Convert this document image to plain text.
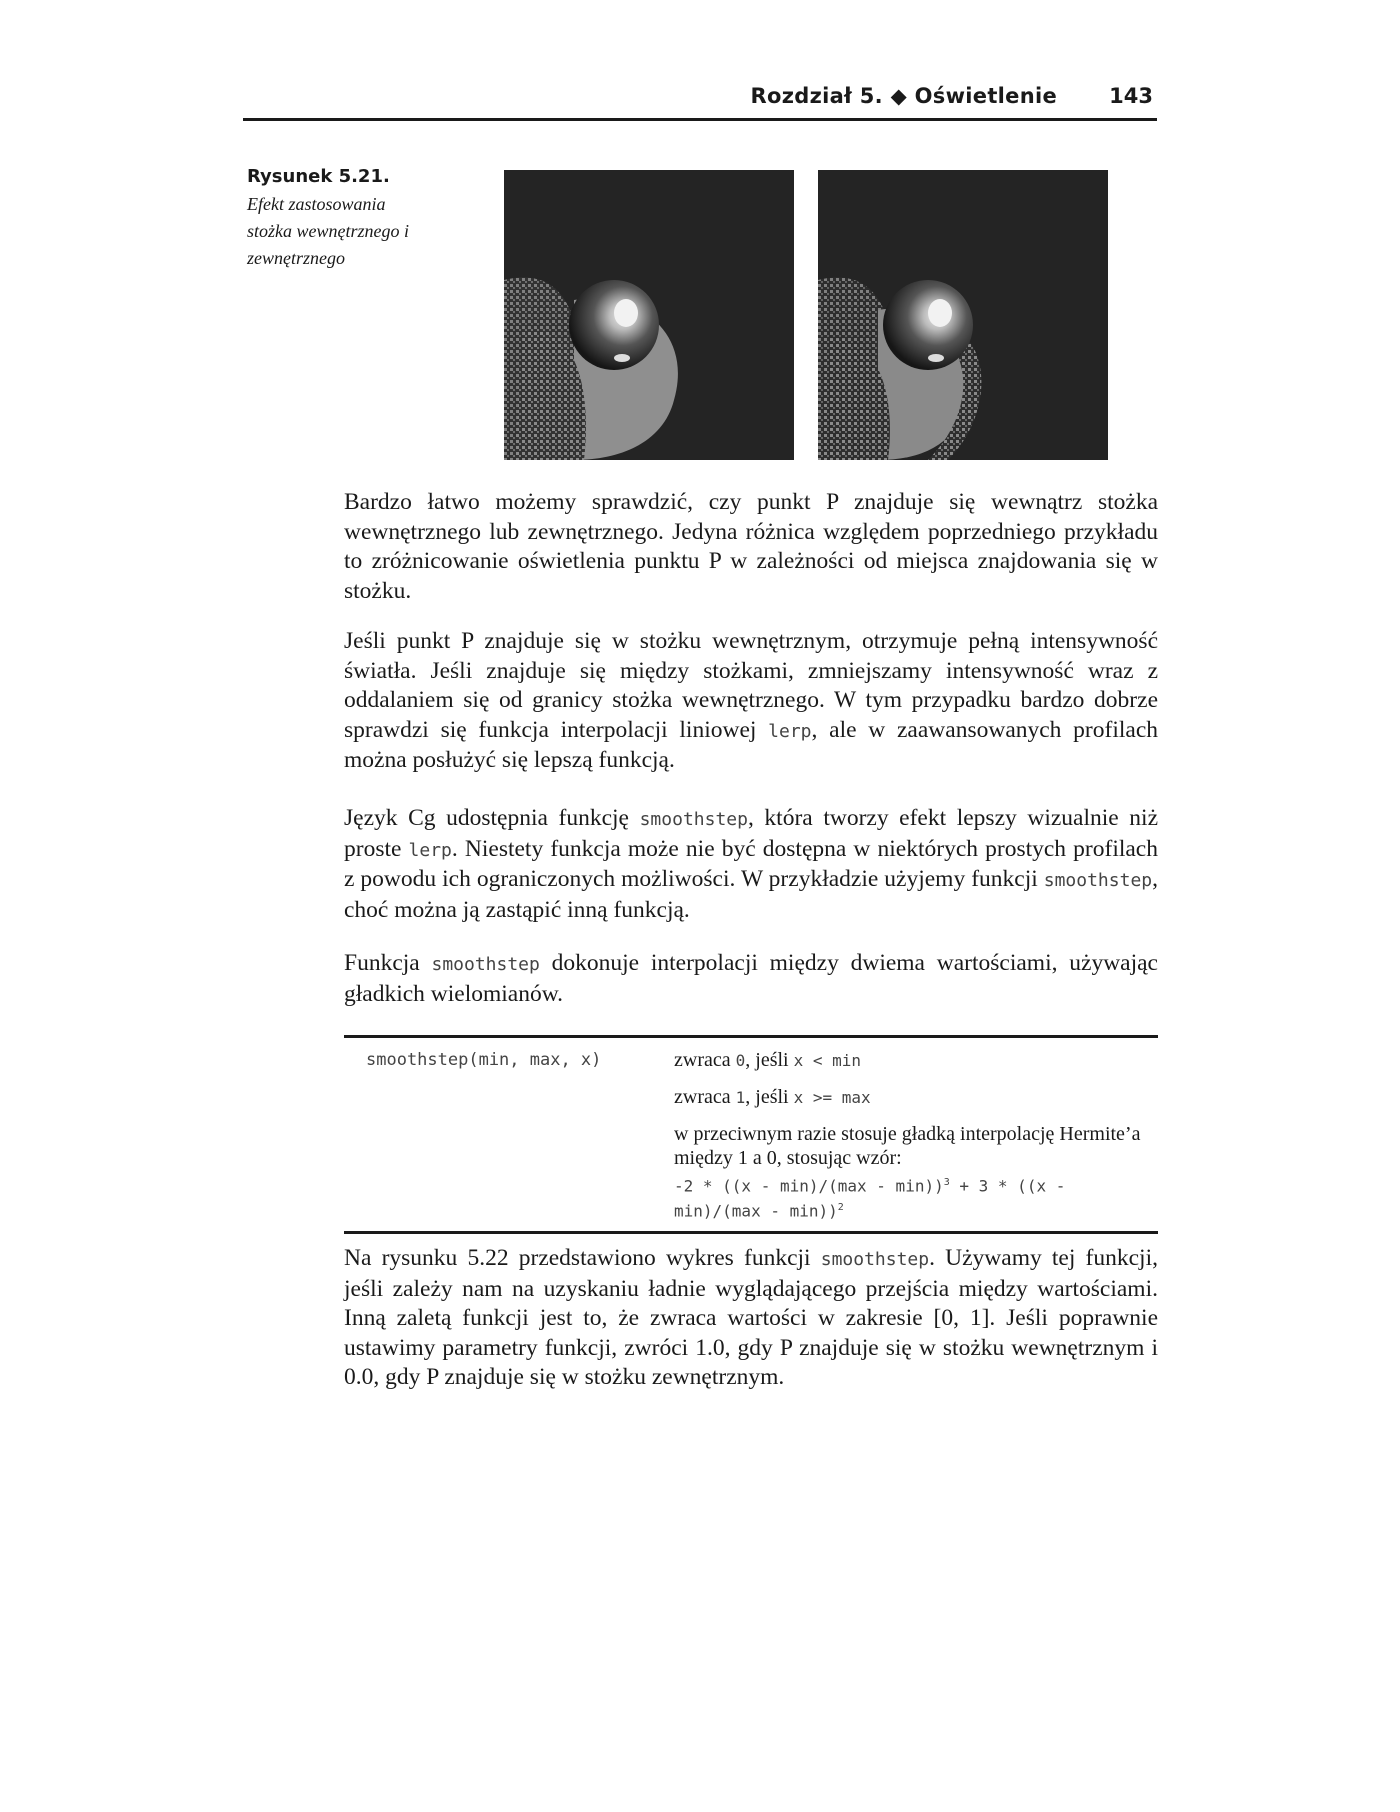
Rozdział 5. ◆ Oświetlenie 143
Rysunek 5.21.
Efekt zastosowania stożka wewnętrznego i zewnętrznego

Bardzo łatwo możemy sprawdzić, czy punkt P znajduje się wewnątrz stożka wewnętrznego lub zewnętrznego. Jedyna różnica względem poprzedniego przykładu to zróżnicowanie oświetlenia punktu P w zależności od miejsca znajdowania się w stożku.

Jeśli punkt P znajduje się w stożku wewnętrznym, otrzymuje pełną intensywność światła. Jeśli znajduje się między stożkami, zmniejszamy intensywność wraz z oddalaniem się od granicy stożka wewnętrznego. W tym przypadku bardzo dobrze sprawdzi się funkcja interpolacji liniowej lerp, ale w zaawansowanych profilach można posłużyć się lepszą funkcją.

Język Cg udostępnia funkcję smoothstep, która tworzy efekt lepszy wizualnie niż proste lerp. Niestety funkcja może nie być dostępna w niektórych prostych profilach z powodu ich ograniczonych możliwości. W przykładzie użyjemy funkcji smoothstep, choć można ją zastąpić inną funkcją.

Funkcja smoothstep dokonuje interpolacji między dwiema wartościami, używając gładkich wielomianów.

smoothstep(min, max, x)	zwraca 0, jeśli x < min

zwraca 1, jeśli x >= max

w przeciwnym razie stosuje gładką interpolację Hermite’a między 1 a 0, stosując wzór:

-2 * ((x - min)/(max - min))$^3$ + 3 * ((x - min)/(max - min))$^2$

Na rysunku 5.22 przedstawiono wykres funkcji smoothstep. Używamy tej funkcji, jeśli zależy nam na uzyskaniu ładnie wyglądającego przejścia między wartościami. Inną zaletą funkcji jest to, że zwraca wartości w zakresie [0, 1]. Jeśli poprawnie ustawimy parametry funkcji, zwróci 1.0, gdy P znajduje się w stożku wewnętrznym i 0.0, gdy P znajduje się w stożku zewnętrznym.
